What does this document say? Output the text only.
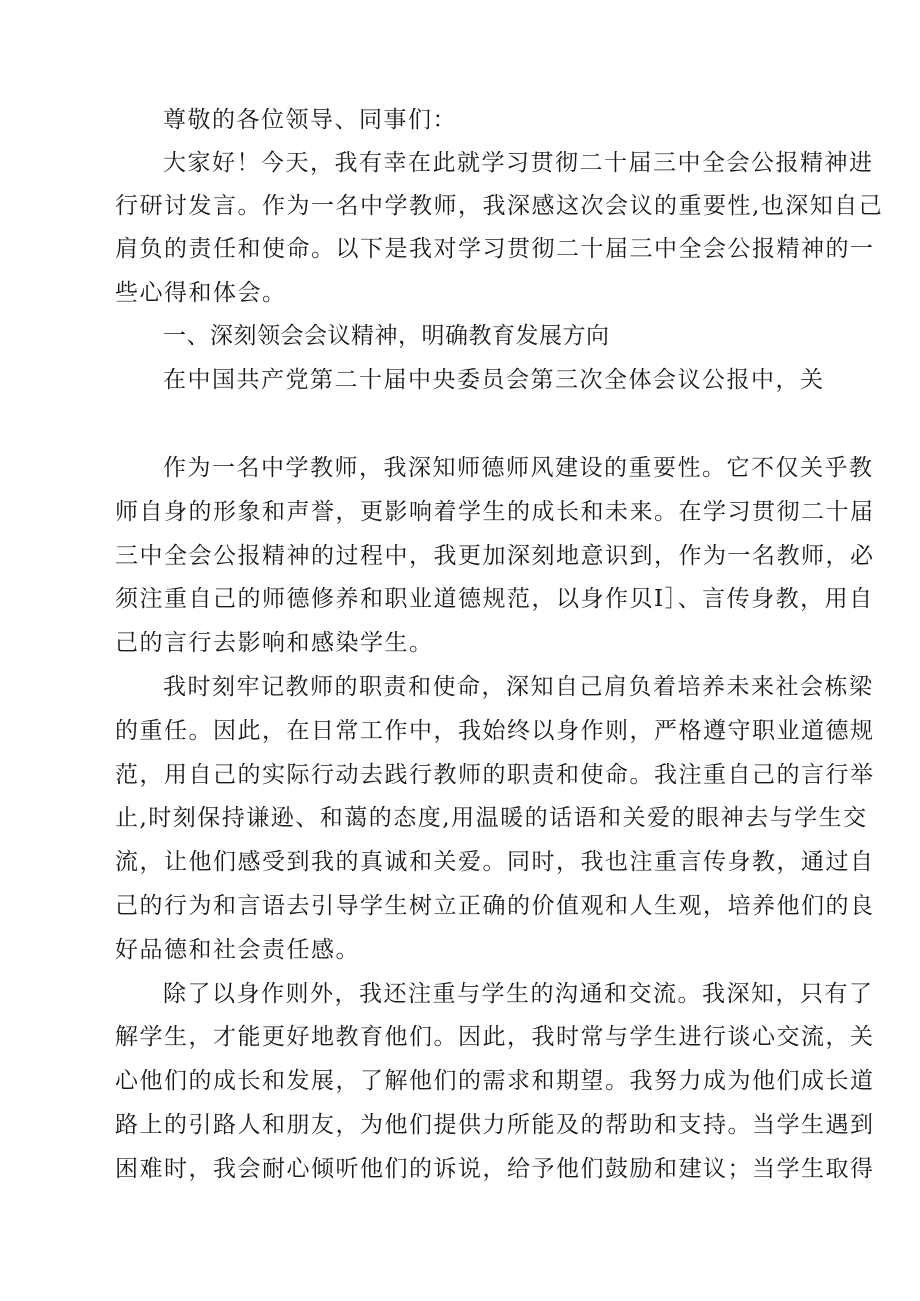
尊敬的各位领导、同事们：
大家好！今天，我有幸在此就学习贯彻二十届三中全会公报精神进
行研讨发言。作为一名中学教师，我深感这次会议的重要性,也深知自己
肩负的责任和使命。以下是我对学习贯彻二十届三中全会公报精神的一
些心得和体会。
一、深刻领会会议精神，明确教育发展方向
在中国共产党第二十届中央委员会第三次全体会议公报中，关
作为一名中学教师，我深知师德师风建设的重要性。它不仅关乎教
师自身的形象和声誉，更影响着学生的成长和未来。在学习贯彻二十届
三中全会公报精神的过程中，我更加深刻地意识到，作为一名教师，必
须注重自己的师德修养和职业道德规范，以身作贝I］、言传身教，用自
己的言行去影响和感染学生。
我时刻牢记教师的职责和使命，深知自己肩负着培养未来社会栋梁
的重任。因此，在日常工作中，我始终以身作则，严格遵守职业道德规
范，用自己的实际行动去践行教师的职责和使命。我注重自己的言行举
止,时刻保持谦逊、和蔼的态度,用温暖的话语和关爱的眼神去与学生交
流，让他们感受到我的真诚和关爱。同时，我也注重言传身教，通过自
己的行为和言语去引导学生树立正确的价值观和人生观，培养他们的良
好品德和社会责任感。
除了以身作则外，我还注重与学生的沟通和交流。我深知，只有了
解学生，才能更好地教育他们。因此，我时常与学生进行谈心交流，关
心他们的成长和发展，了解他们的需求和期望。我努力成为他们成长道
路上的引路人和朋友，为他们提供力所能及的帮助和支持。当学生遇到
困难时，我会耐心倾听他们的诉说，给予他们鼓励和建议；当学生取得
